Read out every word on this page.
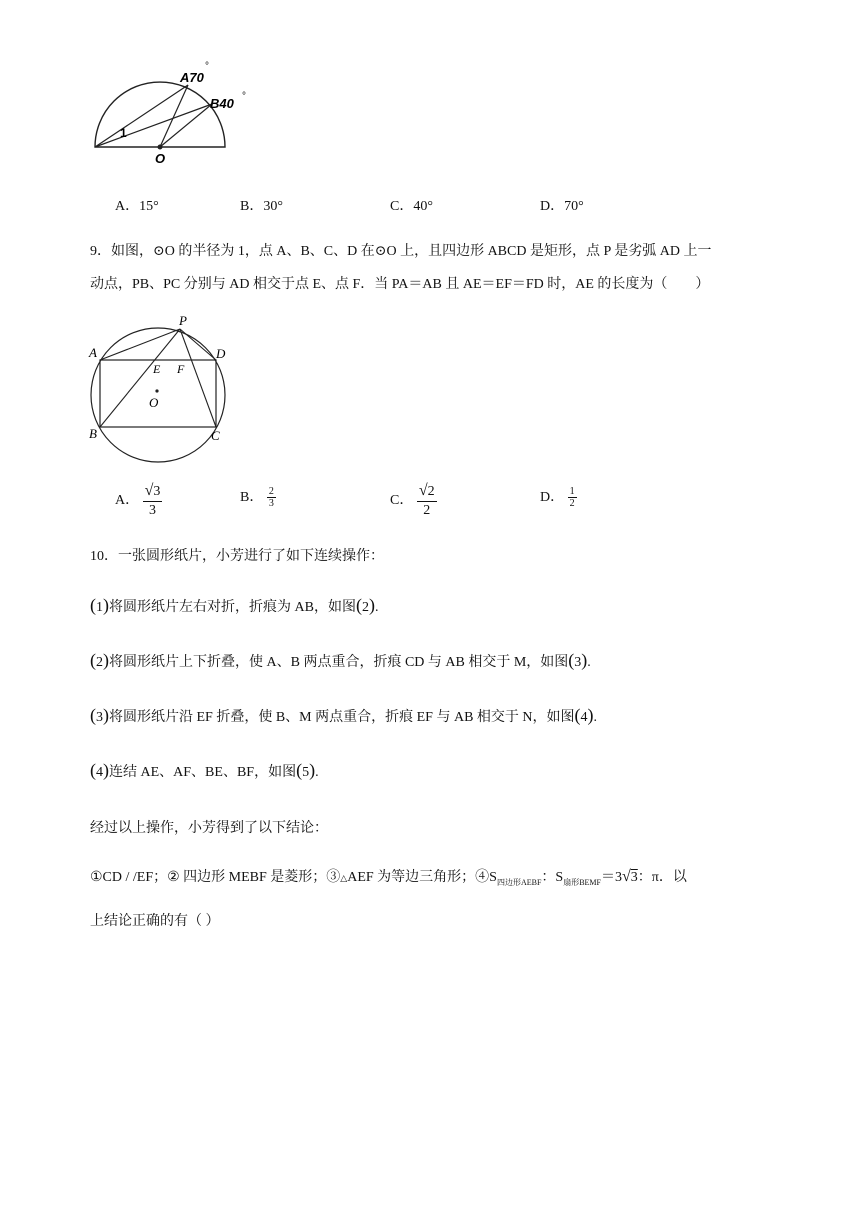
A70
°
B40 °
1
O
A．15°	B．30°	C．40°	D．70°
9．如图，⊙O 的半径为 1，点 A、B、C、D 在⊙O 上，且四边形 ABCD 是矩形，点 P 是劣弧 AD 上一
动点，PB、PC 分别与 AD 相交于点 E、点 F．当 PA＝AB 且 AE＝EF＝FD 时，AE 的长度为（　　）
P
A	D
E F
O
B	C
A． $\frac{√3}{3}$	B． $\frac{2}{3}$	C． $\frac{√2}{2}$	D． $\frac{1}{2}$
10．一张圆形纸片，小芳进行了如下连续操作：
(1)将圆形纸片左右对折，折痕为 AB，如图(2).
(2)将圆形纸片上下折叠，使 A、B 两点重合，折痕 CD 与 AB 相交于 M，如图(3).
(3)将圆形纸片沿 EF 折叠，使 B、M 两点重合，折痕 EF 与 AB 相交于 N，如图(4).
(4)连结 AE、AF、BE、BF，如图(5).
经过以上操作，小芳得到了以下结论：
①CD / /EF；② 四边形 MEBF 是菱形；③△AEF 为等边三角形；$④S_{四边形AEBF}$：$S_{扇形BEMF}=3√3$：π．以
上结论正确的有（ ）
